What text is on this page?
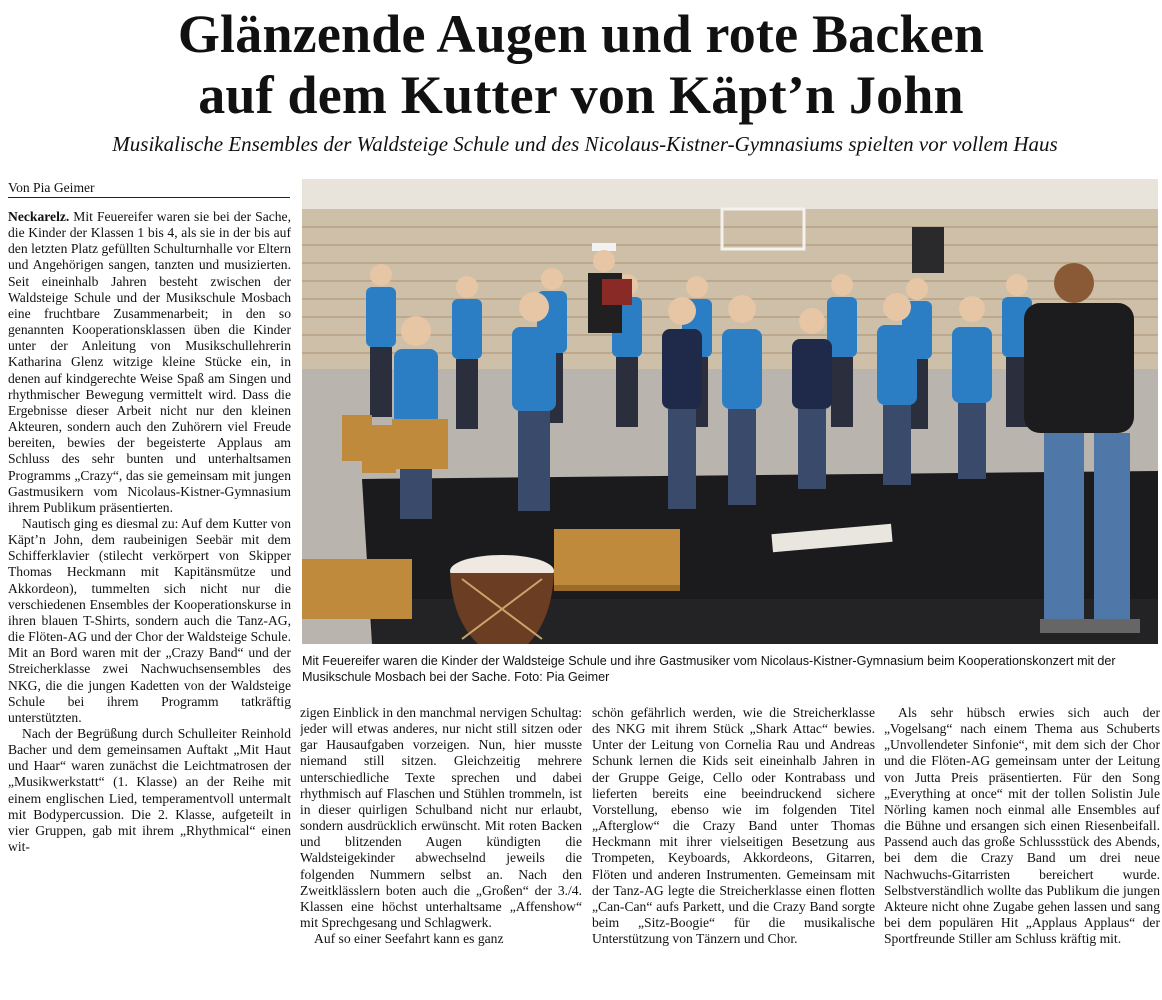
Glänzende Augen und rote Backen
auf dem Kutter von Käpt’n John

Musikalische Ensembles der Waldsteige Schule und des Nicolaus-Kistner-Gymnasiums spielten vor vollem Haus

Von Pia Geimer

Neckarelz. Mit Feuereifer waren sie bei der Sache, die Kinder der Klassen 1 bis 4, als sie in der bis auf den letzten Platz gefüllten Schulturnhalle vor Eltern und Angehörigen sangen, tanzten und musizierten. Seit eineinhalb Jahren besteht zwischen der Waldsteige Schule und der Musikschule Mosbach eine fruchtbare Zusammenarbeit; in den so genannten Kooperationsklassen üben die Kinder unter der Anleitung von Musikschullehrerin Katharina Glenz witzige kleine Stücke ein, in denen auf kindgerechte Weise Spaß am Singen und rhythmischer Bewegung vermittelt wird. Dass die Ergebnisse dieser Arbeit nicht nur den kleinen Akteuren, sondern auch den Zuhörern viel Freude bereiten, bewies der begeisterte Applaus am Schluss des sehr bunten und unterhaltsamen Programms „Crazy“, das sie gemeinsam mit jungen Gastmusikern vom Nicolaus-Kistner-Gymnasium ihrem Publikum präsentierten.

Nautisch ging es diesmal zu: Auf dem Kutter von Käpt’n John, dem raubeinigen Seebär mit dem Schifferklavier (stilecht verkörpert von Skipper Thomas Heckmann mit Kapitänsmütze und Akkordeon), tummelten sich nicht nur die verschiedenen Ensembles der Kooperationskurse in ihren blauen T-Shirts, sondern auch die Tanz-AG, die Flöten-AG und der Chor der Waldsteige Schule. Mit an Bord waren mit der „Crazy Band“ und der Streicherklasse zwei Nachwuchsensembles des NKG, die die jungen Kadetten von der Waldsteige Schule bei ihrem Programm tatkräftig unterstützten.

Nach der Begrüßung durch Schulleiter Reinhold Bacher und dem gemeinsamen Auftakt „Mit Haut und Haar“ waren zunächst die Leichtmatrosen der „Musikwerkstatt“ (1. Klasse) an der Reihe mit einem englischen Lied, temperamentvoll untermalt mit Bodypercussion. Die 2. Klasse, aufgeteilt in vier Gruppen, gab mit ihrem „Rhythmical“ einen wit-

Mit Feuereifer waren die Kinder der Waldsteige Schule und ihre Gastmusiker vom Nicolaus-Kistner-Gymnasium beim Kooperationskonzert mit der Musikschule Mosbach bei der Sache. Foto: Pia Geimer

zigen Einblick in den manchmal nervigen Schultag: jeder will etwas anderes, nur nicht still sitzen oder gar Hausaufgaben vorzeigen. Nun, hier musste niemand still sitzen. Gleichzeitig mehrere unterschiedliche Texte sprechen und dabei rhythmisch auf Flaschen und Stühlen trommeln, ist in dieser quirligen Schulband nicht nur erlaubt, sondern ausdrücklich erwünscht. Mit roten Backen und blitzenden Augen kündigten die Waldsteigekinder abwechselnd jeweils die folgenden Nummern selbst an. Nach den Zweitklässlern boten auch die „Großen“ der 3./4. Klassen eine höchst unterhaltsame „Affenshow“ mit Sprechgesang und Schlagwerk.

Auf so einer Seefahrt kann es ganz

schön gefährlich werden, wie die Streicherklasse des NKG mit ihrem Stück „Shark Attac“ bewies. Unter der Leitung von Cornelia Rau und Andreas Schunk lernen die Kids seit eineinhalb Jahren in der Gruppe Geige, Cello oder Kontrabass und lieferten bereits eine beeindruckend sichere Vorstellung, ebenso wie im folgenden Titel „Afterglow“ die Crazy Band unter Thomas Heckmann mit ihrer vielseitigen Besetzung aus Trompeten, Keyboards, Akkordeons, Gitarren, Flöten und anderen Instrumenten. Gemeinsam mit der Tanz-AG legte die Streicherklasse einen flotten „Can-Can“ aufs Parkett, und die Crazy Band sorgte beim „Sitz-Boogie“ für die musikalische Unterstützung von Tänzern und Chor.

Als sehr hübsch erwies sich auch der „Vogelsang“ nach einem Thema aus Schuberts „Unvollendeter Sinfonie“, mit dem sich der Chor und die Flöten-AG gemeinsam unter der Leitung von Jutta Preis präsentierten. Für den Song „Everything at once“ mit der tollen Solistin Jule Nörling kamen noch einmal alle Ensembles auf die Bühne und ersangen sich einen Riesenbeifall. Passend auch das große Schlussstück des Abends, bei dem die Crazy Band um drei neue Nachwuchs-Gitarristen bereichert wurde. Selbstverständlich wollte das Publikum die jungen Akteure nicht ohne Zugabe gehen lassen und sang bei dem populären Hit „Applaus Applaus“ der Sportfreunde Stiller am Schluss kräftig mit.
